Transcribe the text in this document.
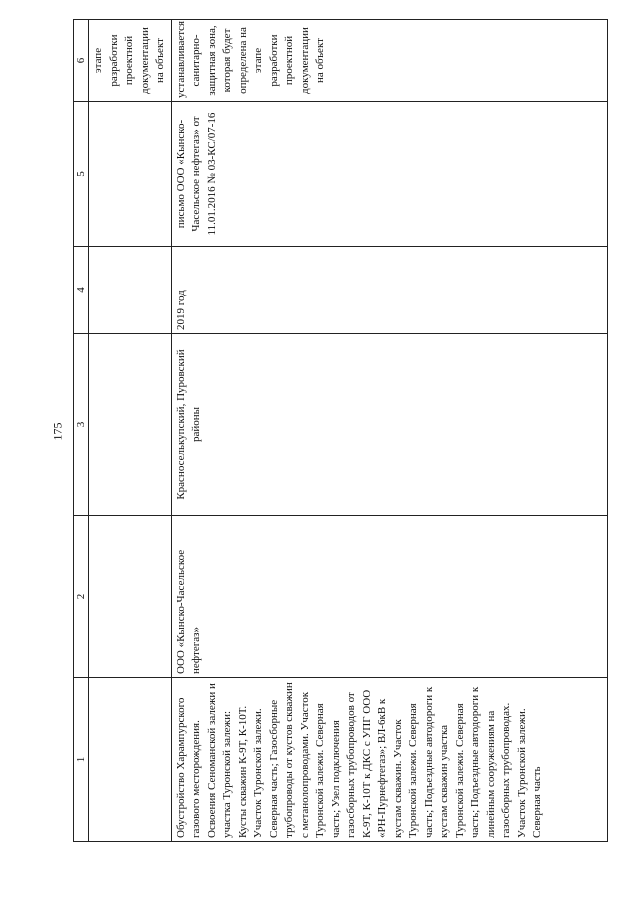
175
1	2	3	4	5	6
					этапе разработки проектной документации на объект
Обустройство Харампурского газового месторождения. Освоения Сеноманской залежи и участка Туронской залежи: Кусты скважин К-9Т, К-10Т. Участок Туронской залежи. Северная часть; Газосборные трубопроводы от кустов скважин с метанолопроводами. Участок Туронской залежи. Северная часть; Узел подключения газосборных трубопроводов от К-9Т, К-10Т к ДКС с УПГ ООО «РН-Пурнефтегаз»; ВЛ-6кВ к кустам скважин. Участок Туронской залежи. Северная часть; Подъездные автодороги к кустам скважин участка Туронской залежи. Северная часть; Подъездные автодороги к линейным сооружениям на газосборных трубопроводах. Участок Туронской залежи. Северная часть	ООО «Кынско-Часельское нефтегаз»	Красноселькупский, Пуровский районы	2019 год	письмо ООО «Кынско-Часельское нефтегаз» от 11.01.2016 № 03-КС/07-16	устанавливается санитарно-защитная зона, которая будет определена на этапе разработки проектной документации на объект
